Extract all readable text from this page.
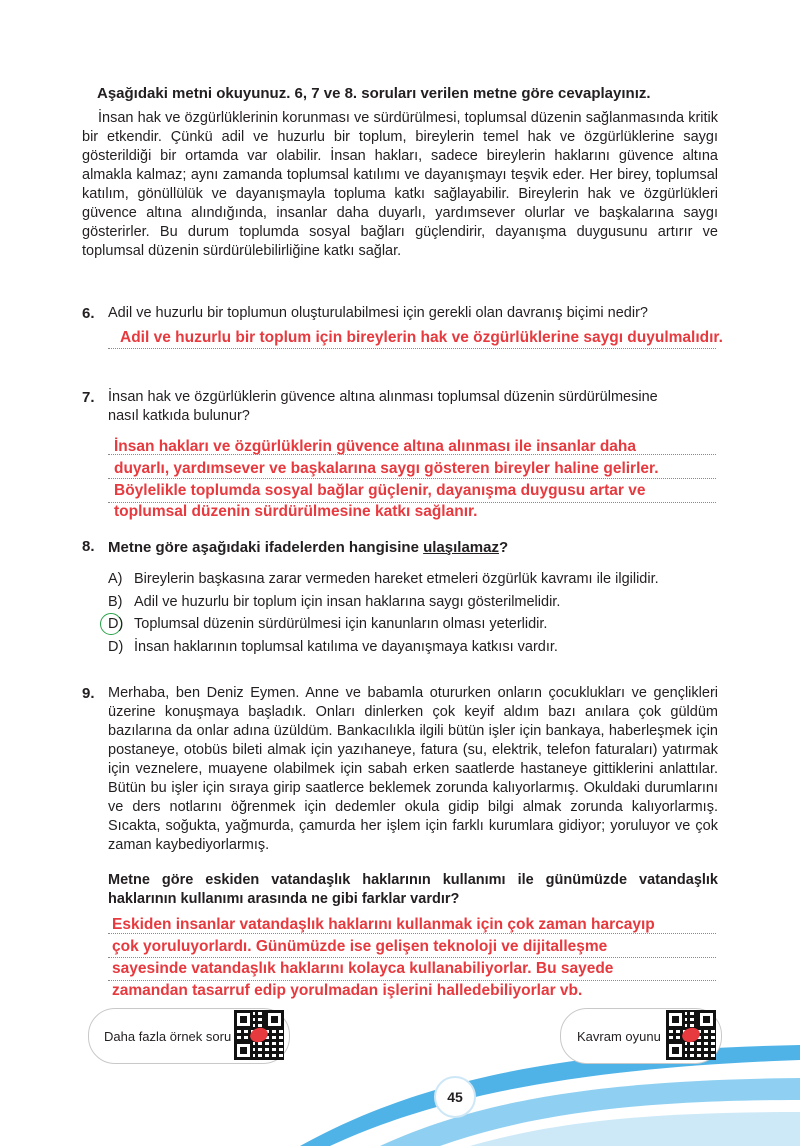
Aşağıdaki metni okuyunuz. 6, 7 ve 8. soruları verilen metne göre cevaplayınız.
İnsan hak ve özgürlüklerinin korunması ve sürdürülmesi, toplumsal düzenin sağlanmasında kritik bir etkendir. Çünkü adil ve huzurlu bir toplum, bireylerin temel hak ve özgürlüklerine saygı gösterildiği bir ortamda var olabilir. İnsan hakları, sadece bireylerin haklarını güvence altına almakla kalmaz; aynı zamanda toplumsal katılımı ve dayanışmayı teşvik eder. Her birey, toplumsal katılım, gönüllülük ve dayanışmayla topluma katkı sağlayabilir. Bireylerin hak ve özgürlükleri güvence altına alındığında, insanlar daha duyarlı, yardımsever olurlar ve başkalarına saygı gösterirler. Bu durum toplumda sosyal bağları güçlendirir, dayanışma duygusunu artırır ve toplumsal düzenin sürdürülebilirliğine katkı sağlar.
6. Adil ve huzurlu bir toplumun oluşturulabilmesi için gerekli olan davranış biçimi nedir?
Adil ve huzurlu bir toplum için bireylerin hak ve özgürlüklerine saygı duyulmalıdır.
7. İnsan hak ve özgürlüklerin güvence altına alınması toplumsal düzenin sürdürülmesine
nasıl katkıda bulunur?
İnsan hakları ve özgürlüklerin güvence altına alınması ile insanlar daha
duyarlı, yardımsever ve başkalarına saygı gösteren bireyler haline gelirler.
Böylelikle toplumda sosyal bağlar güçlenir, dayanışma duygusu artar ve
toplumsal düzenin sürdürülmesine katkı sağlanır.
8. Metne göre aşağıdaki ifadelerden hangisine ulaşılamaz?
A) Bireylerin başkasına zarar vermeden hareket etmeleri özgürlük kavramı ile ilgilidir.
B) Adil ve huzurlu bir toplum için insan haklarına saygı gösterilmelidir.
D) Toplumsal düzenin sürdürülmesi için kanunların olması yeterlidir.
D) İnsan haklarının toplumsal katılıma ve dayanışmaya katkısı vardır.
9. Merhaba, ben Deniz Eymen. Anne ve babamla otururken onların çocuklukları ve gençlikleri üzerine konuşmaya başladık. Onları dinlerken çok keyif aldım bazı anılara çok güldüm bazılarına da onlar adına üzüldüm. Bankacılıkla ilgili bütün işler için bankaya, haberleşmek için postaneye, otobüs bileti almak için yazıhaneye, fatura (su, elektrik, telefon faturaları) yatırmak için veznelere, muayene olabilmek için sabah erken saatlerde hastaneye gittiklerini anlattılar. Bütün bu işler için sıraya girip saatlerce beklemek zorunda kalıyorlarmış. Okuldaki durumlarını ve ders notlarını öğrenmek için dedemler okula gidip bilgi almak zorunda kalıyorlarmış. Sıcakta, soğukta, yağmurda, çamurda her işlem için farklı kurumlara gidiyor; yoruluyor ve çok zaman kaybediyorlarmış.
Metne göre eskiden vatandaşlık haklarının kullanımı ile günümüzde vatandaşlık haklarının kullanımı arasında ne gibi farklar vardır?
Eskiden insanlar vatandaşlık haklarını kullanmak için çok zaman harcayıp
çok yoruluyorlardı. Günümüzde ise gelişen teknoloji ve dijitalleşme
sayesinde vatandaşlık haklarını kolayca kullanabiliyorlar. Bu sayede
zamandan tasarruf edip yorulmadan işlerini halledebiliyorlar vb.
Daha fazla örnek soru	Kavram oyunu
45
